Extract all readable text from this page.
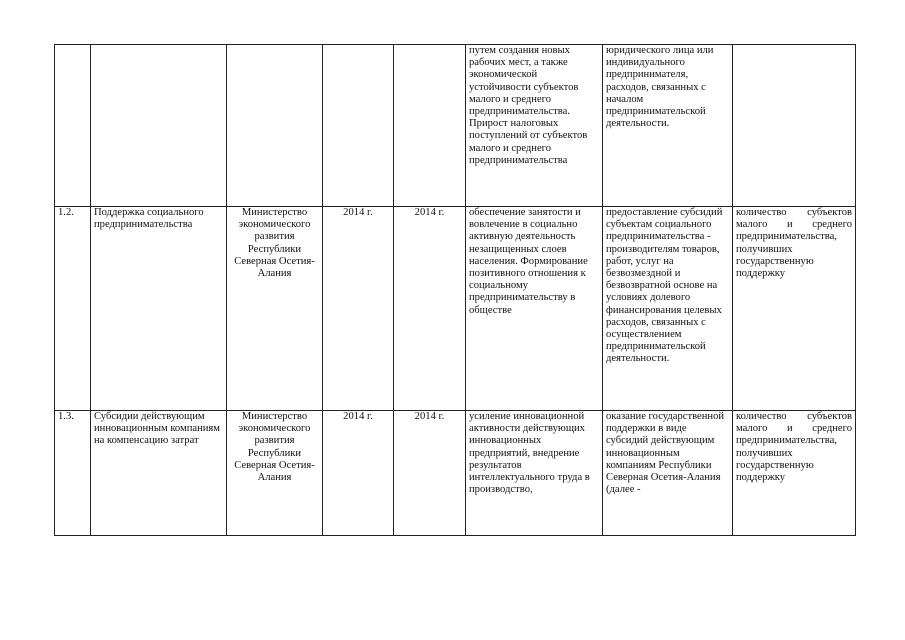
					путем создания новых рабочих мест, а также экономической устойчивости субъектов малого и среднего предпринимательства. Прирост налоговых поступлений от субъектов малого и среднего предпринимательства	юридического лица или индивидуального предпринимателя, расходов, связанных с началом предпринимательской деятельности.	
1.2.	Поддержка социального предпринимательства	Министерство экономического развития Республики Северная Осетия-Алания	2014 г.	2014 г.	обеспечение занятости и вовлечение в социально активную деятельность незащищенных слоев населения. Формирование позитивного отношения к социальному предпринимательству в обществе	предоставление субсидий субъектам социального предпринимательства - производителям товаров, работ, услуг на безвозмездной и безвозвратной основе на условиях долевого финансирования целевых расходов, связанных с осуществлением предпринимательской деятельности.	количество субъектов малого и среднего предпринимательства, получивших государственную поддержку
1.3.	Субсидии действующим инновационным компаниям на компенсацию затрат	Министерство экономического развития Республики Северная Осетия-Алания	2014 г.	2014 г.	усиление инновационной активности действующих инновационных предприятий, внедрение результатов интеллектуального труда в производство,	оказание государственной поддержки в виде субсидий действующим инновационным компаниям Республики Северная Осетия-Алания (далее -	количество субъектов малого и среднего предпринимательства, получивших государственную поддержку
